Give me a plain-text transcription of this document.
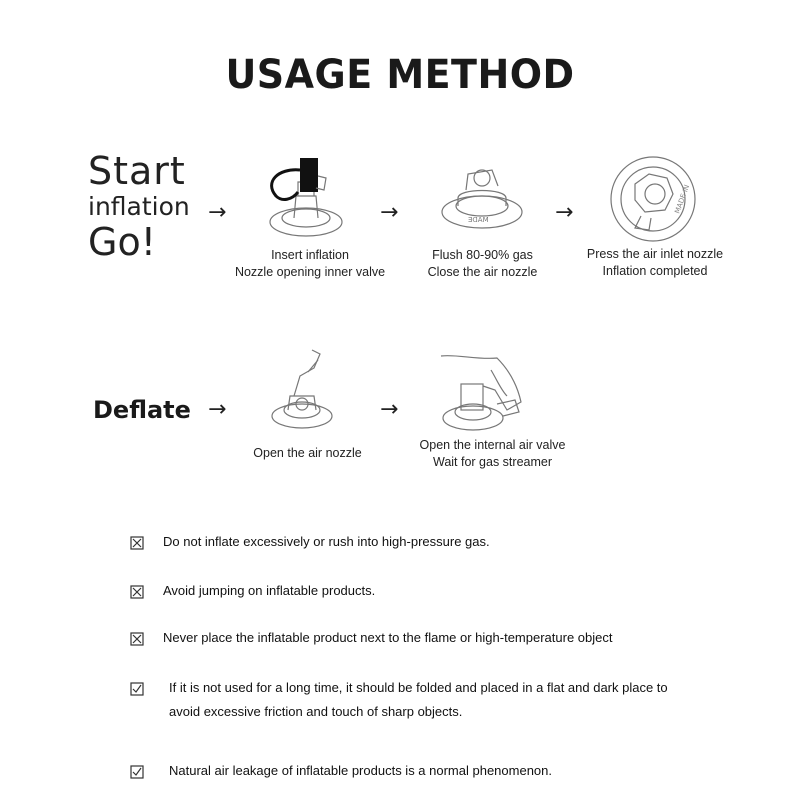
USAGE METHOD
Start
inflation
Go!
→	→	→
ƎᗡAM
MADE IN
Insert inflation
Nozzle opening inner valve
Flush 80-90% gas
Close the air nozzle
Press the air inlet nozzle
Inflation completed
Deflate →	→
Open the air nozzle
Open the internal air valve
Wait for gas streamer
Do not inflate excessively or rush into high-pressure gas.
Avoid jumping on inflatable products.
Never place the inflatable product next to the flame or high-temperature object
If it is not used for a long time, it should be folded and placed in a flat and dark place to
avoid excessive friction and touch of sharp objects.
Natural air leakage of inflatable products is a normal phenomenon.
